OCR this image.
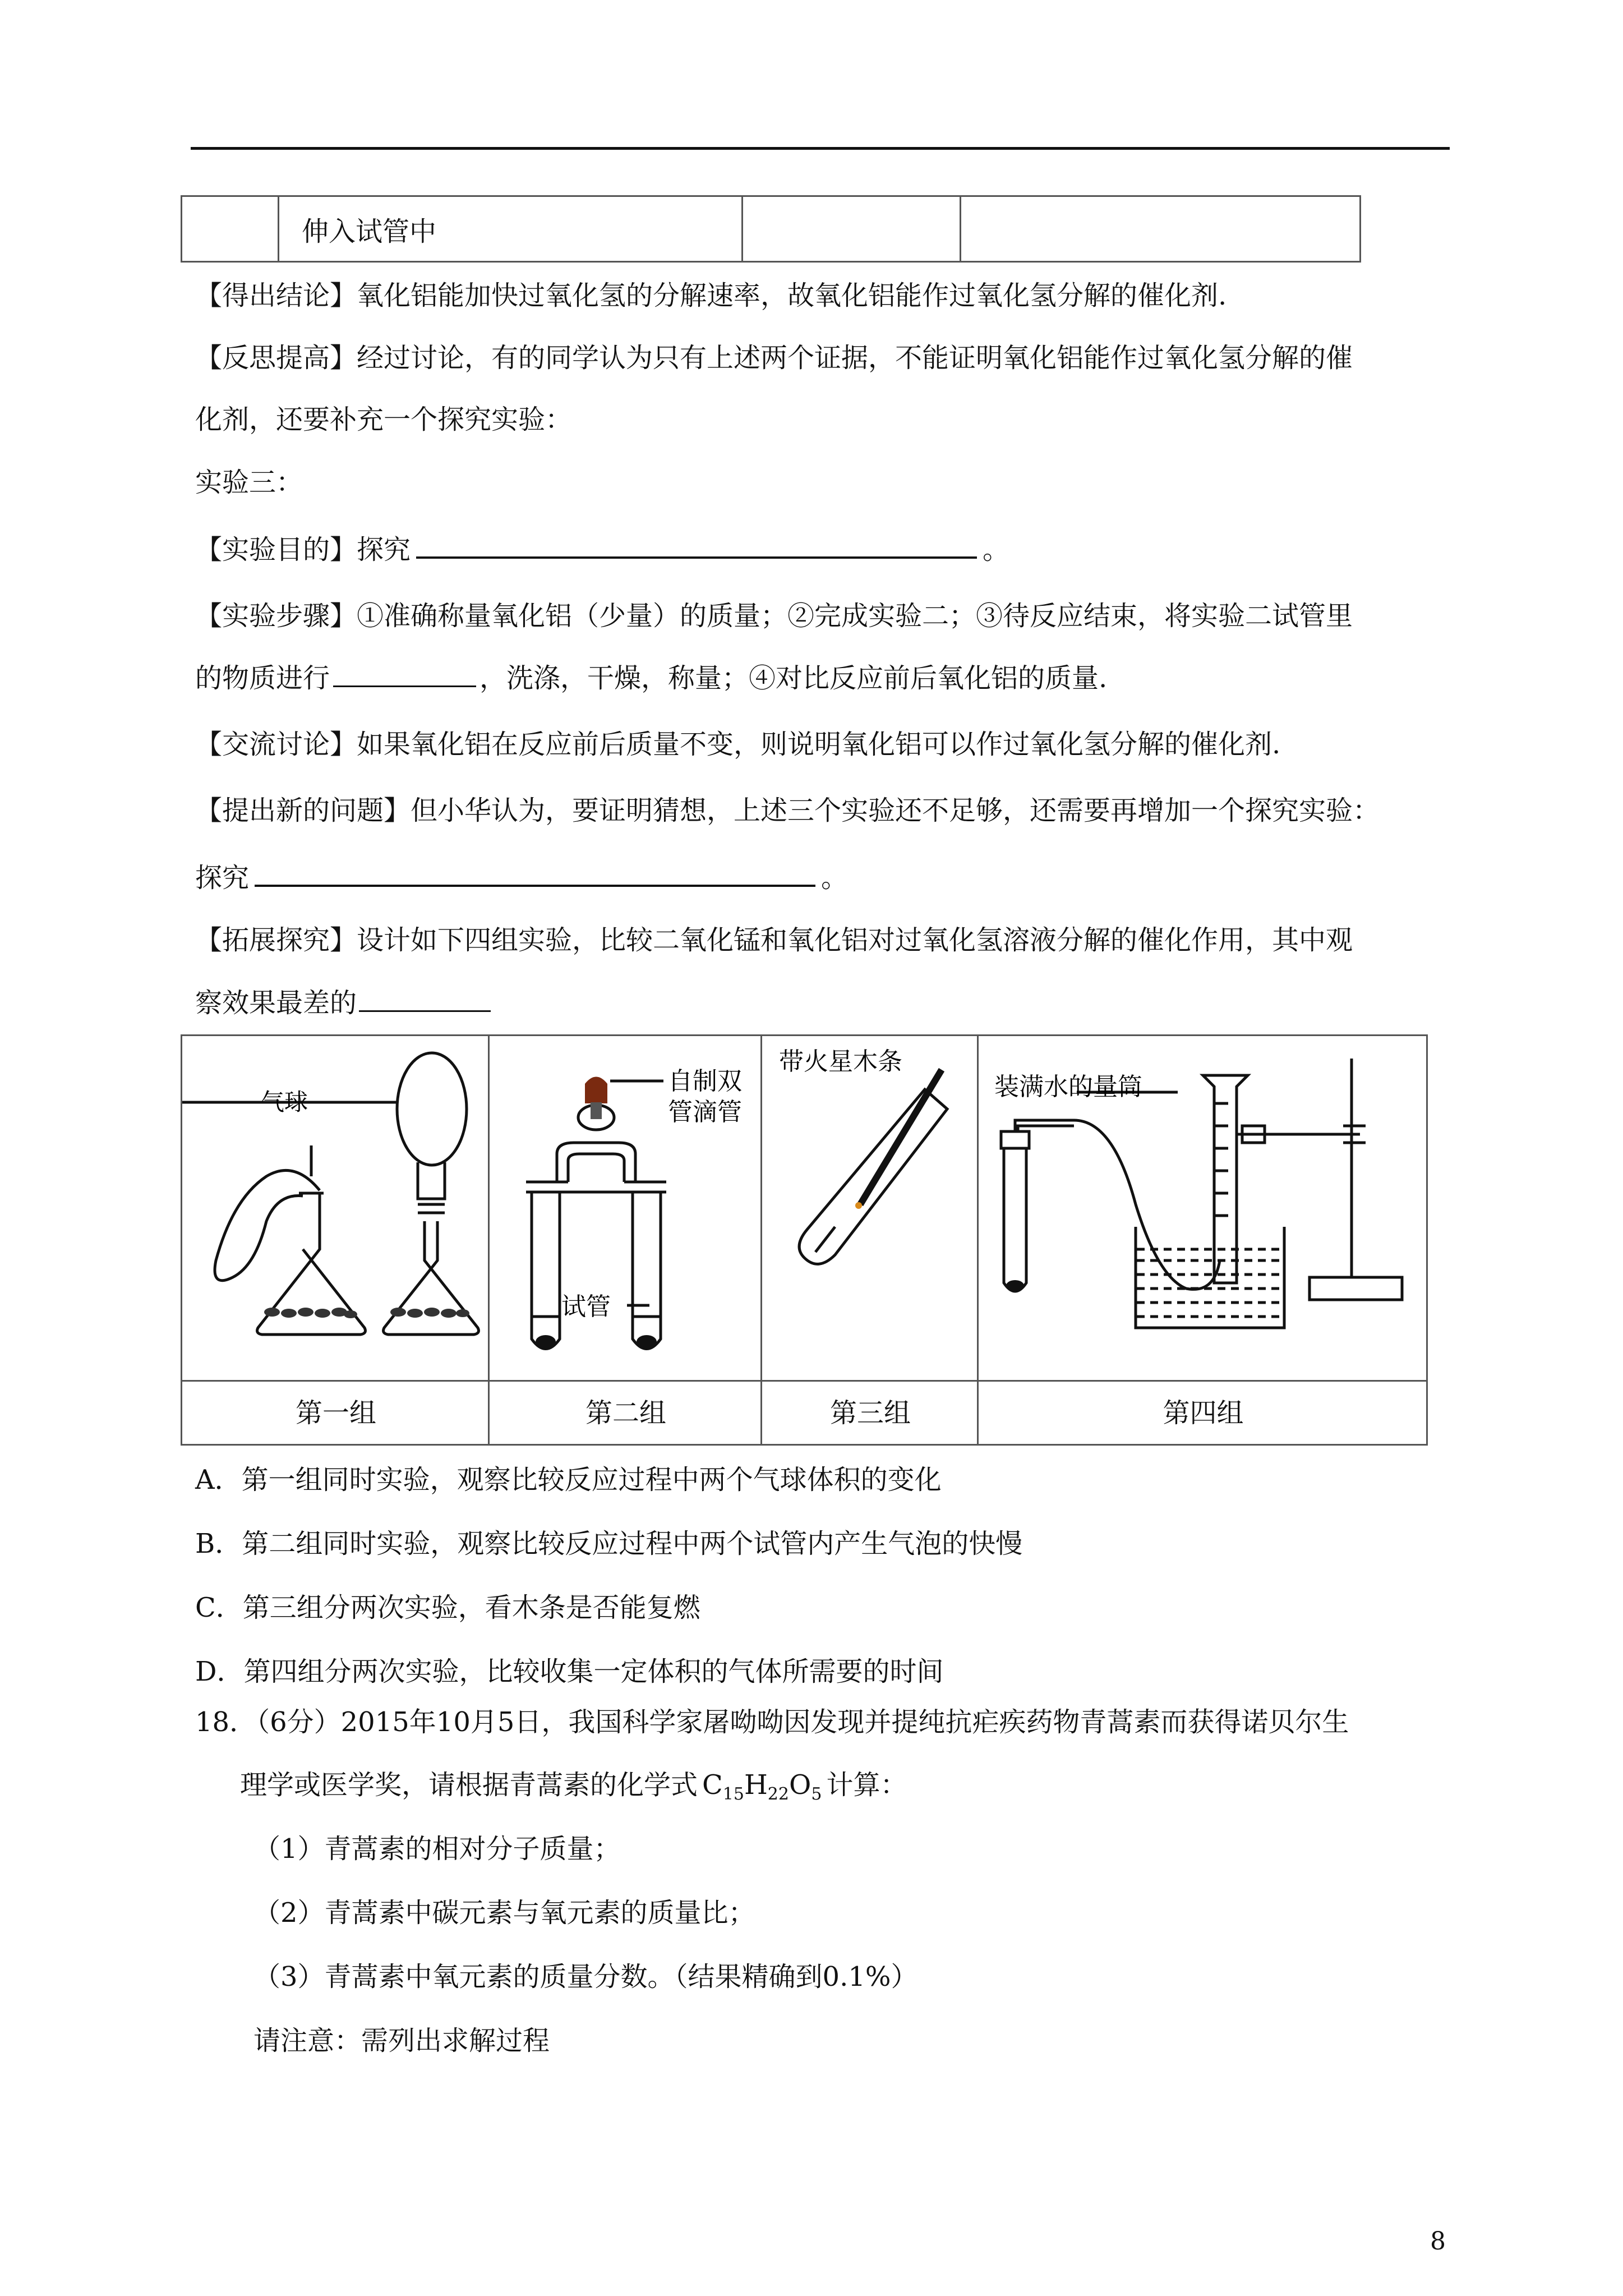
	伸入试管中		
【得出结论】氧化铝能加快过氧化氢的分解速率，故氧化铝能作过氧化氢分解的催化剂.
【反思提高】经过讨论，有的同学认为只有上述两个证据，不能证明氧化铝能作过氧化氢分解的催
化剂，还要补充一个探究实验：
实验三：
【实验目的】探究	。
【实验步骤】①准确称量氧化铝（少量）的质量；②完成实验二；③待反应结束，将实验二试管里
的物质进行	，洗涤，干燥，称量；④对比反应前后氧化铝的质量.
【交流讨论】如果氧化铝在反应前后质量不变，则说明氧化铝可以作过氧化氢分解的催化剂.
【提出新的问题】但小华认为，要证明猜想，上述三个实验还不足够，还需要再增加一个探究实验：
探究	。
【拓展探究】设计如下四组实验，比较二氧化锰和氧化铝对过氧化氢溶液分解的催化作用，其中观
察效果最差的
气球
自制双
管滴管
试管
带火星木条
装满水的量筒
第一组	第二组	第三组	第四组
A．第一组同时实验，观察比较反应过程中两个气球体积的变化
B．第二组同时实验，观察比较反应过程中两个试管内产生气泡的快慢
C．第三组分两次实验，看木条是否能复燃
D．第四组分两次实验，比较收集一定体积的气体所需要的时间
18．（6分）2015年10月5日，我国科学家屠呦呦因发现并提纯抗疟疾药物青蒿素而获得诺贝尔生
理学或医学奖，请根据青蒿素的化学式 $C_{15}H_{22}O_5$ 计算：
（1）青蒿素的相对分子质量；
（2）青蒿素中碳元素与氧元素的质量比；
（3）青蒿素中氧元素的质量分数。（结果精确到0.1%）
请注意：需列出求解过程
8
